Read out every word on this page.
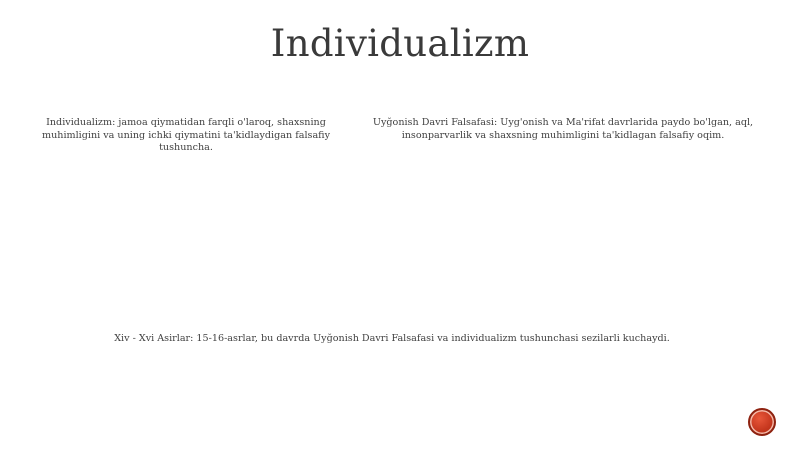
Individualizm
Individualizm: jamoa qiymatidan farqli o'laroq, shaxsning muhimligini va uning ichki qiymatini ta'kidlaydigan falsafiy tushuncha.
Uyğonish Davri Falsafasi: Uyg'onish va Ma'rifat davrlarida paydo bo'lgan, aql, insonparvarlik va shaxsning muhimligini ta'kidlagan falsafiy oqim.
Xiv - Xvi Asirlar: 15-16-asrlar, bu davrda Uyğonish Davri Falsafasi va individualizm tushunchasi sezilarli kuchaydi.
